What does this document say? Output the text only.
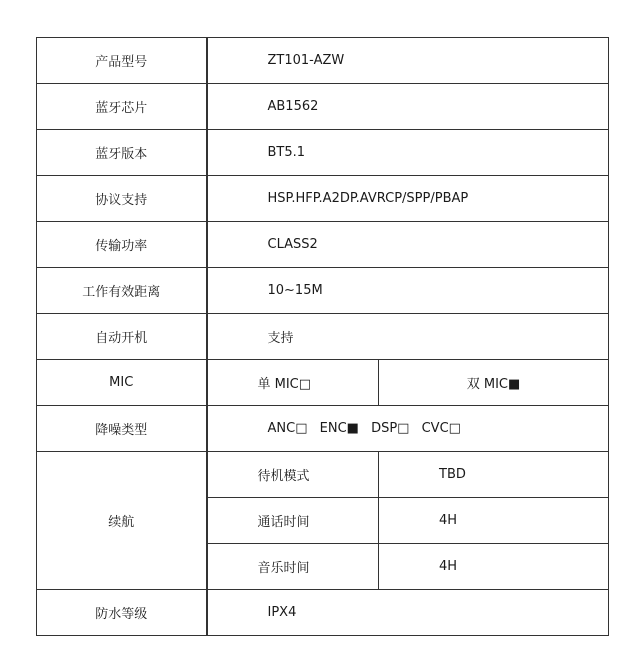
产品型号	ZT101-AZW	
蓝牙芯片	AB1562	
蓝牙版本	BT5.1	
协议支持	HSP.HFP.A2DP.AVRCP/SPP/PBAP	
传输功率	CLASS2	
工作有效距离	10~15M	
自动开机	支持	
MIC	单 MIC□	双 MIC■
降噪类型	ANC□ ENC■ DSP□ CVC□	
续航	待机模式	TBD
	通话时间	4H
	音乐时间	4H
防水等级	IPX4	
